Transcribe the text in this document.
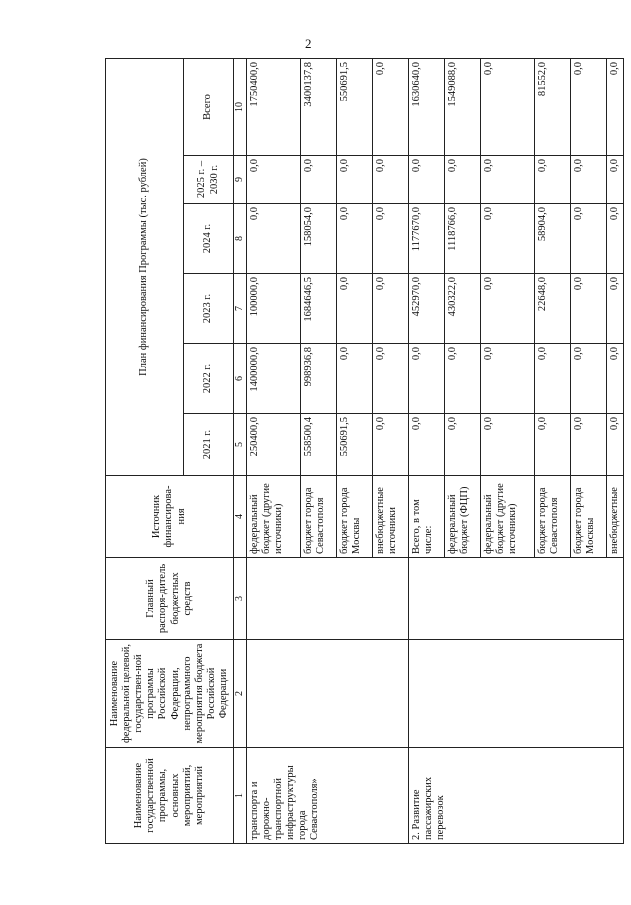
2
Наименование государственной программы, основных мероприятий, мероприятий	Наименование федеральной целевой, государствен-ной программы Российской Федерации, непрограммного мероприятия бюджета Российской Федерации	Главный распоря-дитель бюджетных средств	Источник финансирова-ния	План финансирования Программы (тыс. рублей)					
				2021 г.	2022 г.	2023 г.	2024 г.	2025 г. – 2030 г.	Всего
1	2	3	4	5	6	7	8	9	10
транспорта и дорожно-транспортной инфраструктуры города Севастополя»			федеральный бюджет (другие источники)	250400,0	1400000,0	100000,0	0,0	0,0	1750400,0
			бюджет города Севастополя	558500,4	998936,8	1684646,5	158054,0	0,0	3400137,8
			бюджет города Москвы	550691,5	0,0	0,0	0,0	0,0	550691,5
			внебюджетные источники	0,0	0,0	0,0	0,0	0,0	0,0
2. Развитие пассажирских перевозок			Всего, в том числе:	0,0	0,0	452970,0	1177670,0	0,0	1630640,0
			федеральный бюджет (ФЦП)	0,0	0,0	430322,0	1118766,0	0,0	1549088,0
			федеральный бюджет (другие источники)	0,0	0,0	0,0	0,0	0,0	0,0
			бюджет города Севастополя	0,0	0,0	22648,0	58904,0	0,0	81552,0
			бюджет города Москвы	0,0	0,0	0,0	0,0	0,0	0,0
			внебюджетные	0,0	0,0	0,0	0,0	0,0	0,0
